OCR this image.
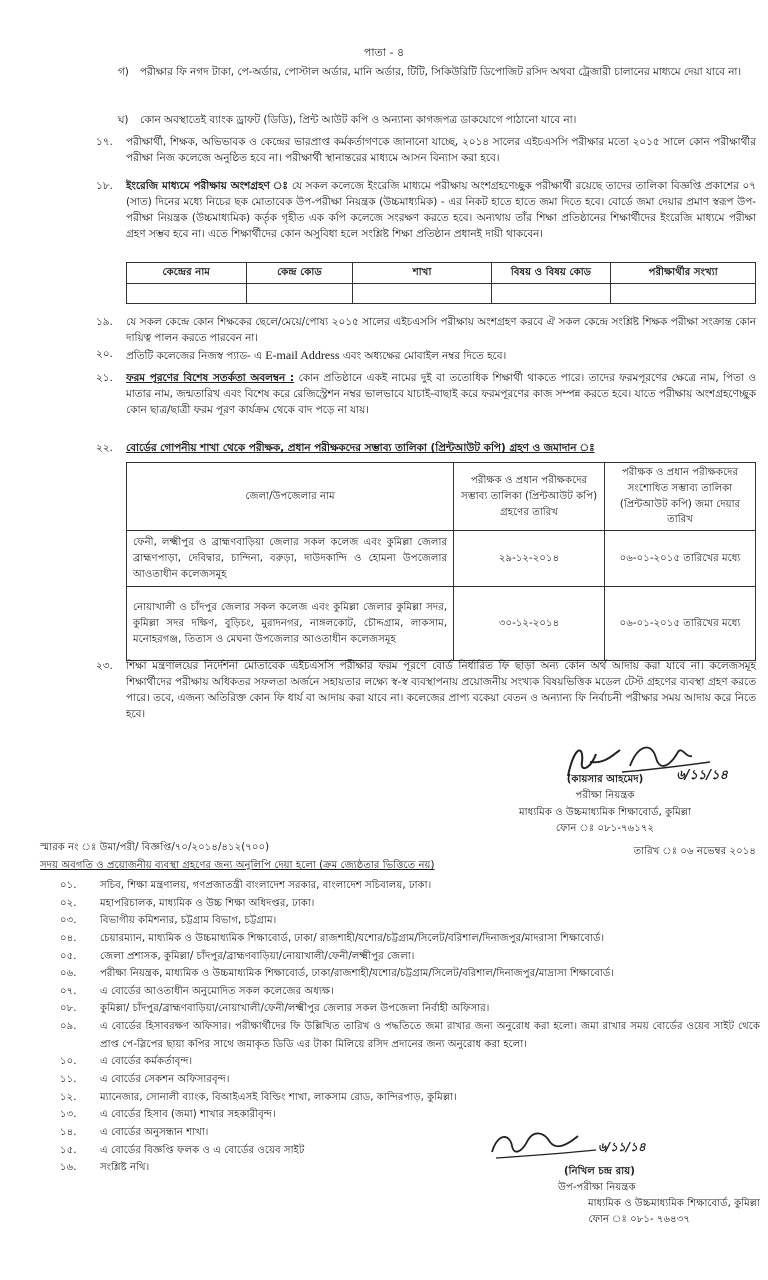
পাতা - ৪
গ)	পরীক্ষার ফি নগদ টাকা, পে-অর্ডার, পোস্টাল অর্ডার, মানি অর্ডার, টিটি, সিকিউরিটি ডিপোজিট রসিদ অথবা ট্রেজারী চালানের মাধ্যমে দেয়া যাবে না।
ঘ)	কোন অবস্থাতেই ব্যাংক ড্রাফট (ডিডি), প্রিন্ট আউট কপি ও অন্যান্য কাগজপত্র ডাকযোগে পাঠানো যাবে না।
১৭.	পরীক্ষার্থী, শিক্ষক, অভিভাবক ও কেন্দ্রের ভারপ্রাপ্ত কর্মকর্তাগণকে জানানো যাচ্ছে, ২০১৪ সালের এইচএসসি পরীক্ষার মতো ২০১৫ সালে কোন পরীক্ষার্থীর পরীক্ষা নিজ কলেজে অনুষ্ঠিত হবে না। পরীক্ষার্থী স্থানান্তরের মাধ্যমে আসন বিন্যাস করা হবে।
১৮.	ইংরেজি মাধ্যমে পরীক্ষায় অংশগ্রহণ ঃ যে সকল কলেজে ইংরেজি মাধ্যমে পরীক্ষায় অংশগ্রহণেচ্ছুক পরীক্ষার্থী রয়েছে তাদের তালিকা বিজ্ঞপ্তি প্রকাশের ০৭ (সাত) দিনের মধ্যে নিচের ছক মোতাবেক উপ-পরীক্ষা নিয়ন্ত্রক (উচ্চমাধ্যমিক) - এর নিকট হাতে হাতে জমা দিতে হবে। বোর্ডে জমা দেয়ার প্রমাণ স্বরূপ উপ-পরীক্ষা নিয়ন্ত্রক (উচ্চমাধ্যমিক) কর্তৃক গৃহীত এক কপি কলেজে সংরক্ষণ করতে হবে। অন্যথায় তাঁর শিক্ষা প্রতিষ্ঠানের শিক্ষার্থীদের ইংরেজি মাধ্যমে পরীক্ষা গ্রহণ সম্ভব হবে না। এতে শিক্ষার্থীদের কোন অসুবিধা হলে সংশ্লিষ্ট শিক্ষা প্রতিষ্ঠান প্রধানই দায়ী থাকবেন।
কেন্দ্রের নাম	কেন্দ্র কোড	শাখা	বিষয় ও বিষয় কোড	পরীক্ষার্থীর সংখ্যা

১৯.	যে সকল কেন্দ্রে কোন শিক্ষকের ছেলে/মেয়ে/পোষ্য ২০১৫ সালের এইচএসসি পরীক্ষায় অংশগ্রহণ করবে ঐ সকল কেন্দ্রে সংশ্লিষ্ট শিক্ষক পরীক্ষা সংক্রান্ত কোন দায়িত্ব পালন করতে পারবেন না।
২০.	প্রতিটি কলেজের নিজস্ব প্যাড- এ E-mail Address এবং অধ্যক্ষের মোবাইল নম্বর দিতে হবে।
২১.	ফরম পূরণের বিশেষ সতর্কতা অবলম্বন : কোন প্রতিষ্ঠানে একই নামের দুই বা ততোধিক শিক্ষার্থী থাকতে পারে। তাদের ফরমপূরণের ক্ষেত্রে নাম, পিতা ও মাতার নাম, জন্মতারিখ এবং বিশেষ করে রেজিস্ট্রেশন নম্বর ভালভাবে যাচাই-বাছাই করে ফরমপূরণের কাজ সম্পন্ন করতে হবে। যাতে পরীক্ষায় অংশগ্রহণেচ্ছুক কোন ছাত্র/ছাত্রী ফরম পূরণ কার্যক্রম থেকে বাদ পড়ে না যায়।
২২.	বোর্ডের গোপনীয় শাখা থেকে পরীক্ষক, প্রধান পরীক্ষকদের সম্ভাব্য তালিকা (প্রিন্টআউট কপি) গ্রহণ ও জমাদান ঃ
জেলা/উপজেলার নাম	পরীক্ষক ও প্রধান পরীক্ষকদের সম্ভাব্য তালিকা (প্রিন্টআউট কপি) গ্রহণের তারিখ	পরীক্ষক ও প্রধান পরীক্ষকদের সংশোধিত সম্ভাব্য তালিকা (প্রিন্টআউট কপি) জমা দেয়ার তারিখ
ফেনী, লক্ষ্মীপুর ও ব্রাহ্মণবাড়িয়া জেলার সকল কলেজ এবং কুমিল্লা জেলার ব্রাহ্মণপাড়া, দেবিদ্বার, চান্দিনা, বরুড়া, দাউদকান্দি ও হোমনা উপজেলার আওতাধীন কলেজসমূহ	২৯-১২-২০১৪	০৬-০১-২০১৫ তারিখের মধ্যে
নোয়াখালী ও চাঁদপুর জেলার সকল কলেজ এবং কুমিল্লা জেলার কুমিল্লা সদর, কুমিল্লা সদর দক্ষিণ, বুড়িচং, মুরাদনগর, নাঙ্গলকোট, চৌদ্দগ্রাম, লাকসাম, মনোহরগঞ্জ, তিতাস ও মেঘনা উপজেলার আওতাধীন কলেজসমূহ	৩০-১২-২০১৪	০৬-০১-২০১৫ তারিখের মধ্যে
২৩.	শিক্ষা মন্ত্রণালয়ের নির্দেশনা মোতাবেক এইচএসসি পরীক্ষার ফরম পূরণে বোর্ড নির্ধারিত ফি ছাড়া অন্য কোন অর্থ আদায় করা যাবে না। কলেজসমূহ শিক্ষার্থীদের পরীক্ষায় অধিকতর সফলতা অর্জনে সহায়তার লক্ষ্যে স্ব-স্ব ব্যবস্থাপনায় প্রয়োজনীয় সংখ্যক বিষয়ভিত্তিক মডেল টেস্ট গ্রহণের ব্যবস্থা গ্রহণ করতে পারে। তবে, এজন্য অতিরিক্ত কোন ফি ধার্য বা আদায় করা যাবে না। কলেজের প্রাপ্য বকেয়া বেতন ও অন্যান্য ফি নির্বাচনী পরীক্ষার সময় আদায় করে নিতে হবে।
(কায়সার আহমেদ)	৬/১১/১৪
পরীক্ষা নিয়ন্ত্রক
মাধ্যমিক ও উচ্চমাধ্যমিক শিক্ষাবোর্ড, কুমিল্লা
ফোন ঃ ০৮১-৭৬১৭২
স্মারক নং ঃ উমা/পরী/ বিজ্ঞপ্তি/৭০/২০১৪/৪১২(৭০০)	তারিখ ঃ ০৬ নভেম্বর ২০১৪
সদয় অবগতি ও প্রয়োজনীয় ব্যবস্থা গ্রহণের জন্য অনুলিপি দেয়া হলো (ক্রম জ্যেষ্ঠতার ভিত্তিতে নয়)
০১. সচিব, শিক্ষা মন্ত্রণালয়, গণপ্রজাতন্ত্রী বাংলাদেশ সরকার, বাংলাদেশ সচিবালয়, ঢাকা।
০২. মহাপরিচালক, মাধ্যমিক ও উচ্চ শিক্ষা অধিদপ্তর, ঢাকা।
০৩. বিভাগীয় কমিশনার, চট্টগ্রাম বিভাগ, চট্টগ্রাম।
০৪. চেয়ারম্যান, মাধ্যমিক ও উচ্চমাধ্যমিক শিক্ষাবোর্ড, ঢাকা/ রাজশাহী/যশোর/চট্টগ্রাম/সিলেট/বরিশাল/দিনাজপুর/মাদরাসা শিক্ষাবোর্ড।
০৫. জেলা প্রশাসক, কুমিল্লা/ চাঁদপুর/ব্রাহ্মণবাড়িয়া/নোয়াখালী/ফেনী/লক্ষ্মীপুর জেলা।
০৬. পরীক্ষা নিয়ন্ত্রক, মাধ্যমিক ও উচ্চমাধ্যমিক শিক্ষাবোর্ড, ঢাকা/রাজশাহী/যশোর/চট্টগ্রাম/সিলেট/বরিশাল/দিনাজপুর/মাদ্রাসা শিক্ষাবোর্ড।
০৭. এ বোর্ডের আওতাধীন অনুমোদিত সকল কলেজের অধ্যক্ষ।
০৮. কুমিল্লা/ চাঁদপুর/ব্রাহ্মণবাড়িয়া/নোয়াখালী/ফেনী/লক্ষ্মীপুর জেলার সকল উপজেলা নির্বাহী অফিসার।
০৯. এ বোর্ডের হিসাবরক্ষণ অফিসার। পরীক্ষার্থীদের ফি উল্লিখিত তারিখ ও পদ্ধতিতে জমা রাখার জন্য অনুরোধ করা হলো। জমা রাখার সময় বোর্ডের ওয়েব সাইট থেকে প্রাপ্ত পে-স্লিপের ছায়া কপির সাথে জমাকৃত ডিডি এর টাকা মিলিয়ে রসিদ প্রদানের জন্য অনুরোধ করা হলো।
১০. এ বোর্ডের কর্মকর্তাবৃন্দ।
১১. এ বোর্ডের সেকশন অফিসারবৃন্দ।
১২. ম্যানেজার, সোনালী ব্যাংক, বিআইএসই বিল্ডিং শাখা, লাকসাম রোড, কান্দিরপাড়, কুমিল্লা।
১৩. এ বোর্ডের হিসাব (জমা) শাখার সহকারীবৃন্দ।
১৪. এ বোর্ডের অনুসন্ধান শাখা।
১৫. এ বোর্ডের বিজ্ঞপ্তি ফলক ও এ বোর্ডের ওয়েব সাইট
১৬. সংশ্লিষ্ট নথি।
৬/১১/১৪
(নিখিল চন্দ্র রায়)
উপ-পরীক্ষা নিয়ন্ত্রক
মাধ্যমিক ও উচ্চমাধ্যমিক শিক্ষাবোর্ড, কুমিল্লা
ফোন ঃ ০৮১- ৭৬৪৩৭
